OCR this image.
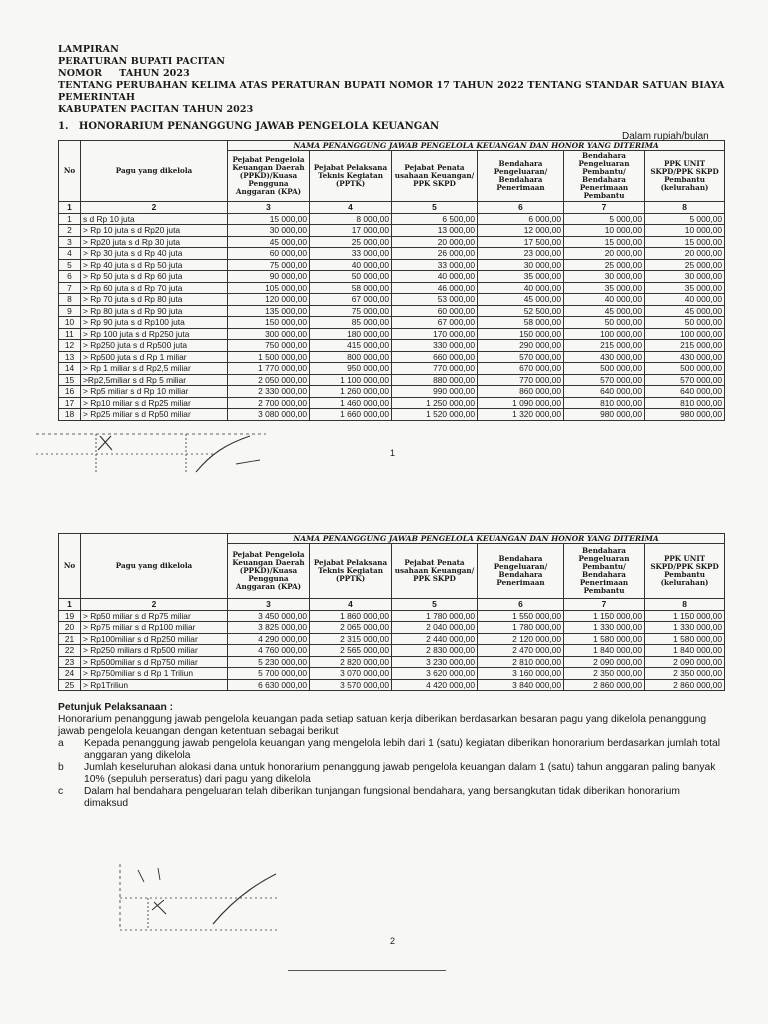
LAMPIRAN
PERATURAN BUPATI PACITAN
NOMOR     TAHUN 2023
TENTANG PERUBAHAN KELIMA ATAS PERATURAN BUPATI NOMOR 17 TAHUN 2022 TENTANG STANDAR SATUAN BIAYA PEMERINTAH
KABUPATEN PACITAN TAHUN 2023
1.   HONORARIUM PENANGGUNG JAWAB PENGELOLA KEUANGAN
Dalam rupiah/bulan
No	Pagu yang dikelola	NAMA PENANGGUNG JAWAB PENGELOLA KEUANGAN DAN HONOR YANG DITERIMA					
		Pejabat Pengelola Keuangan Daerah (PPKD)/Kuasa Pengguna Anggaran (KPA)	Pejabat Pelaksana Teknis Kegiatan (PPTK)	Pejabat Penata usahaan Keuangan/ PPK SKPD	Bendahara Pengeluaran/ Bendahara Penerimaan	Bendahara Pengeluaran Pembantu/ Bendahara Penerimaan Pembantu	PPK UNIT SKPD/PPK SKPD Pembantu (kelurahan)
1	2	3	4	5	6	7	8
1	s d Rp 10 juta	15 000,00	8 000,00	6 500,00	6 000,00	5 000,00	5 000,00
2	> Rp 10 juta s d Rp20 juta	30 000,00	17 000,00	13 000,00	12 000,00	10 000,00	10 000,00
3	> Rp20 juta s d Rp 30 juta	45 000,00	25 000,00	20 000,00	17 500,00	15 000,00	15 000,00
4	> Rp 30 juta s d Rp 40 juta	60 000,00	33 000,00	26 000,00	23 000,00	20 000,00	20 000,00
5	> Rp 40 juta s d Rp 50 juta	75 000,00	40 000,00	33 000,00	30 000,00	25 000,00	25 000,00
6	> Rp 50 juta s d Rp 60 juta	90 000,00	50 000,00	40 000,00	35 000,00	30 000,00	30 000,00
7	> Rp 60 juta s d Rp 70 juta	105 000,00	58 000,00	46 000,00	40 000,00	35 000,00	35 000,00
8	> Rp 70 juta s d Rp 80 juta	120 000,00	67 000,00	53 000,00	45 000,00	40 000,00	40 000,00
9	> Rp 80 juta s d Rp 90 juta	135 000,00	75 000,00	60 000,00	52 500,00	45 000,00	45 000,00
10	> Rp 90 juta s d Rp100 juta	150 000,00	85 000,00	67 000,00	58 000,00	50 000,00	50 000,00
11	> Rp 100 juta s d Rp250 juta	300 000,00	180 000,00	170 000,00	150 000,00	100 000,00	100 000,00
12	> Rp250 juta s d Rp500 juta	750 000,00	415 000,00	330 000,00	290 000,00	215 000,00	215 000,00
13	> Rp500 juta s d Rp 1 miliar	1 500 000,00	800 000,00	660 000,00	570 000,00	430 000,00	430 000,00
14	> Rp 1 miliar s d Rp2,5 miliar	1 770 000,00	950 000,00	770 000,00	670 000,00	500 000,00	500 000,00
15	>Rp2,5miliar s d Rp 5 miliar	2 050 000,00	1 100 000,00	880 000,00	770 000,00	570 000,00	570 000,00
16	> Rp5 miliar s d Rp 10 miliar	2 330 000,00	1 260 000,00	990 000,00	860 000,00	640 000,00	640 000,00
17	> Rp10 miliar s d Rp25 miliar	2 700 000,00	1 460 000,00	1 250 000,00	1 090 000,00	810 000,00	810 000,00
18	> Rp25 miliar s d Rp50 miliar	3 080 000,00	1 660 000,00	1 520 000,00	1 320 000,00	980 000,00	980 000,00
1
No	Pagu yang dikelola	NAMA PENANGGUNG JAWAB PENGELOLA KEUANGAN DAN HONOR YANG DITERIMA					
		Pejabat Pengelola Keuangan Daerah (PPKD)/Kuasa Pengguna Anggaran (KPA)	Pejabat Pelaksana Teknis Kegiatan (PPTK)	Pejabat Penata usahaan Keuangan/ PPK SKPD	Bendahara Pengeluaran/ Bendahara Penerimaan	Bendahara Pengeluaran Pembantu/ Bendahara Penerimaan Pembantu	PPK UNIT SKPD/PPK SKPD Pembantu (kelurahan)
1	2	3	4	5	6	7	8
19	> Rp50 miliar s d Rp75 miliar	3 450 000,00	1 860 000,00	1 780 000,00	1 550 000,00	1 150 000,00	1 150 000,00
20	> Rp75 miliar s d Rp100 miliar	3 825 000,00	2 065 000,00	2 040 000,00	1 780 000,00	1 330 000,00	1 330 000,00
21	> Rp100miliar s d Rp250 miliar	4 290 000,00	2 315 000,00	2 440 000,00	2 120 000,00	1 580 000,00	1 580 000,00
22	> Rp250 miliars d Rp500 miliar	4 760 000,00	2 565 000,00	2 830 000,00	2 470 000,00	1 840 000,00	1 840 000,00
23	> Rp500miliar s d Rp750 miliar	5 230 000,00	2 820 000,00	3 230 000,00	2 810 000,00	2 090 000,00	2 090 000,00
24	> Rp750miliar s d Rp 1 Triliun	5 700 000,00	3 070 000,00	3 620 000,00	3 160 000,00	2 350 000,00	2 350 000,00
25	> Rp1Triliun	6 630 000,00	3 570 000,00	4 420 000,00	3 840 000,00	2 860 000,00	2 860 000,00
Petunjuk Pelaksanaan :
Honorarium penanggung jawab pengelola keuangan pada setiap satuan kerja diberikan berdasarkan besaran pagu yang dikelola penanggung jawab pengelola keuangan dengan ketentuan sebagai berikut
a	Kepada penanggung jawab pengelola keuangan yang mengelola lebih dari 1 (satu) kegiatan diberikan honorarium berdasarkan jumlah total anggaran yang dikelola
b	Jumlah keseluruhan alokasi dana untuk honorarium penanggung jawab pengelola keuangan dalam 1 (satu) tahun anggaran paling banyak 10% (sepuluh perseratus) dari pagu yang dikelola
c	Dalam hal bendahara pengeluaran telah diberikan tunjangan fungsional bendahara, yang bersangkutan tidak diberikan honorarium dimaksud
2
